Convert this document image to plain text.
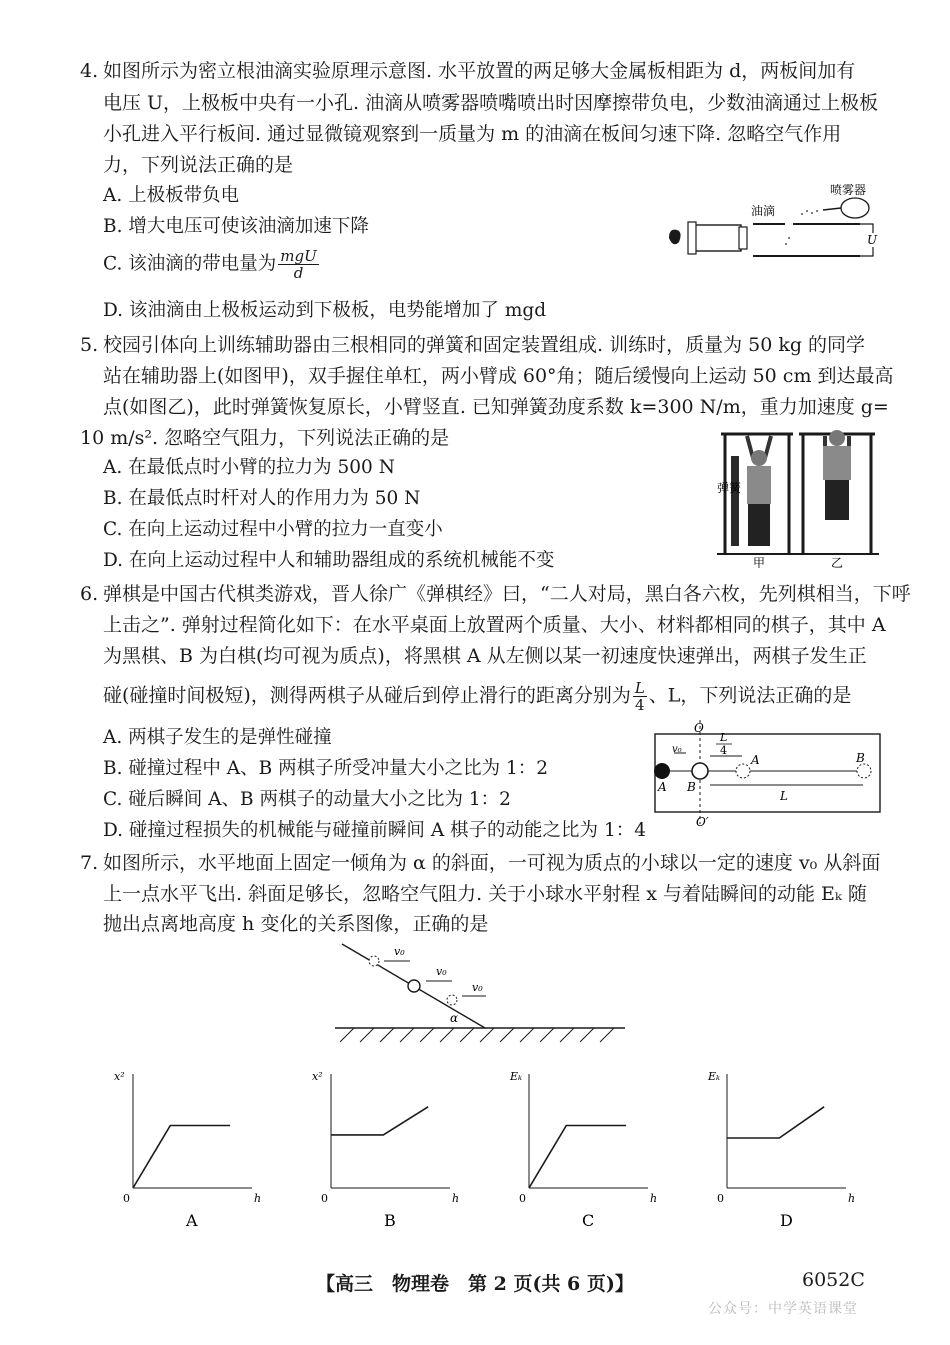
4. 如图所示为密立根油滴实验原理示意图. 水平放置的两足够大金属板相距为 d，两板间加有
电压 U，上极板中央有一小孔. 油滴从喷雾器喷嘴喷出时因摩擦带负电，少数油滴通过上极板
小孔进入平行板间. 通过显微镜观察到一质量为 m 的油滴在板间匀速下降. 忽略空气作用
力，下列说法正确的是
A. 上极板带负电
B. 增大电压可使该油滴加速下降
C. 该油滴的带电量为 $\frac{\text{mgU}}{d}$
D. 该油滴由上极板运动到下极板，电势能增加了 mgd
喷雾器
油滴
U
5. 校园引体向上训练辅助器由三根相同的弹簧和固定装置组成. 训练时，质量为 50 kg 的同学
站在辅助器上(如图甲)，双手握住单杠，两小臂成 60°角；随后缓慢向上运动 50 cm 到达最高
点(如图乙)，此时弹簧恢复原长，小臂竖直. 已知弹簧劲度系数 k=300 N/m，重力加速度 g=
10 m/s². 忽略空气阻力，下列说法正确的是
A. 在最低点时小臂的拉力为 500 N
B. 在最低点时杆对人的作用力为 50 N
C. 在向上运动过程中小臂的拉力一直变小
D. 在向上运动过程中人和辅助器组成的系统机械能不变
弹簧
甲	乙
6. 弹棋是中国古代棋类游戏，晋人徐广《弹棋经》曰，“二人对局，黑白各六枚，先列棋相当，下呼
上击之”. 弹射过程简化如下：在水平桌面上放置两个质量、大小、材料都相同的棋子，其中 A
为黑棋、B 为白棋(均可视为质点)，将黑棋 A 从左侧以某一初速度快速弹出，两棋子发生正
碰(碰撞时间极短)，测得两棋子从碰后到停止滑行的距离分别为 $\frac{L}{4}$ 、L，下列说法正确的是
A. 两棋子发生的是弹性碰撞
B. 碰撞过程中 A、B 两棋子所受冲量大小之比为 1：2
C. 碰后瞬间 A、B 两棋子的动量大小之比为 1：2
D. 碰撞过程损失的机械能与碰撞前瞬间 A 棋子的动能之比为 1：4
O
O′
A
v₀
B
A	B
L
4
L
7. 如图所示，水平地面上固定一倾角为 α 的斜面，一可视为质点的小球以一定的速度 v₀ 从斜面
上一点水平飞出. 斜面足够长，忽略空气阻力. 关于小球水平射程 x 与着陆瞬间的动能 Eₖ 随
抛出点离地高度 h 变化的关系图像，正确的是
α
v₀
v₀
v₀
x²
h
0
A
x²
h
0
B
Eₖ
h
0
C
Eₖ
h
0
D
【高三　物理卷　第 2 页(共 6 页)】	6052C
公众号：中学英语课堂
